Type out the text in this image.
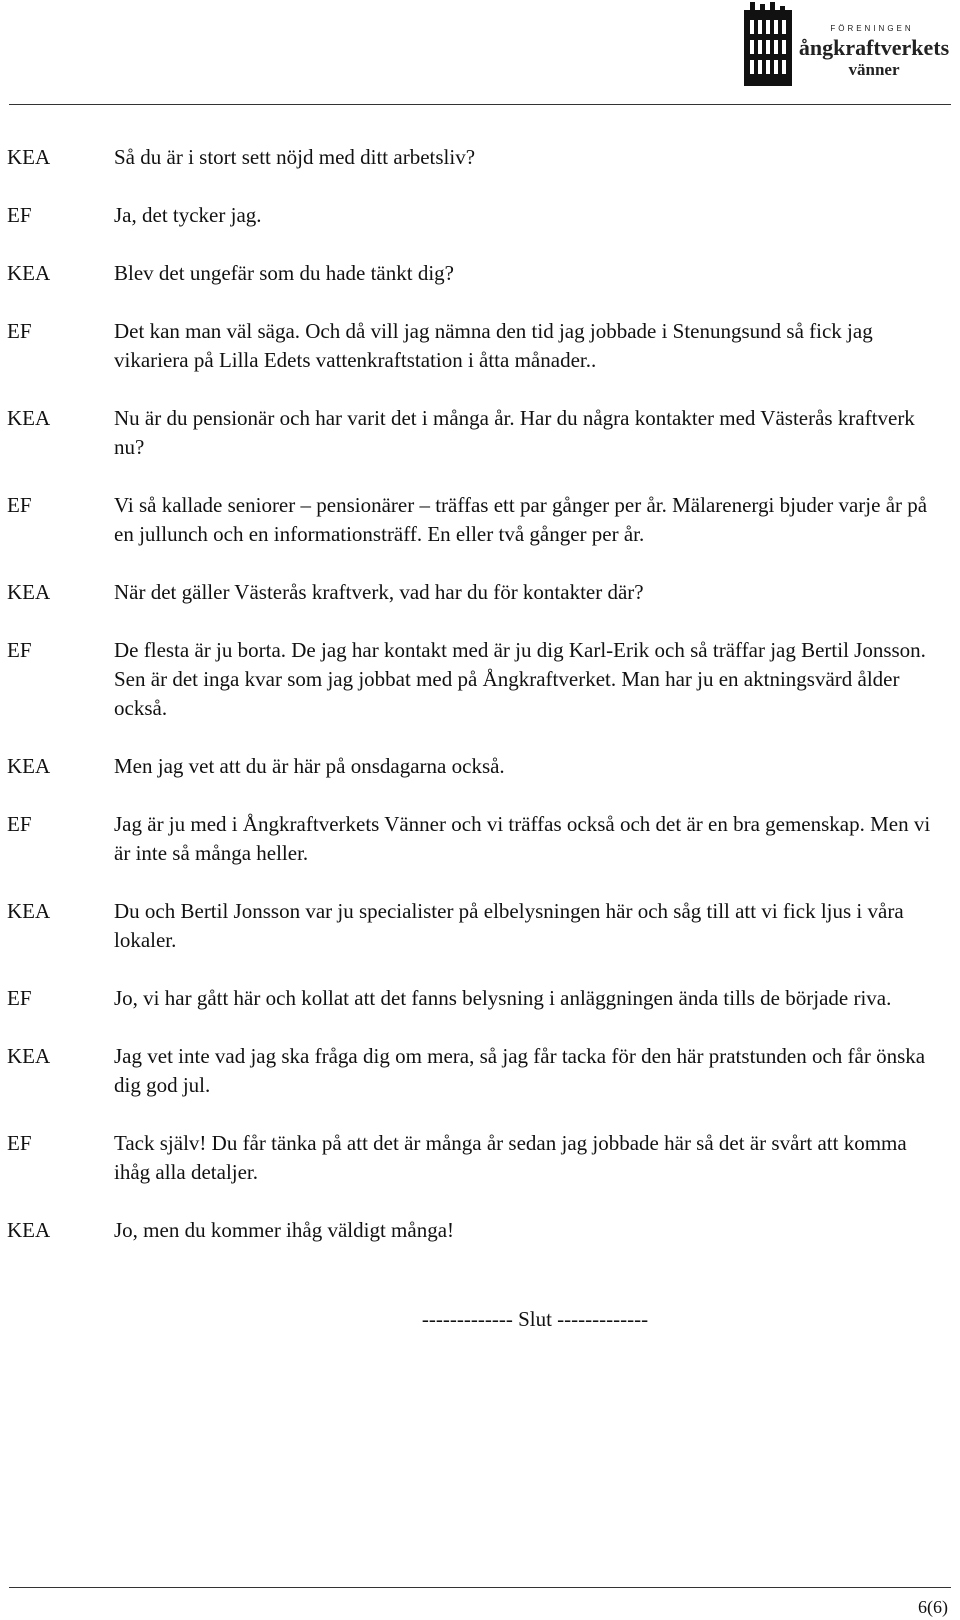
FÖRENINGEN
ångkraftverkets
vänner
KEA	Så du är i stort sett nöjd med ditt arbetsliv?
EF	Ja, det tycker jag.
KEA	Blev det ungefär som du hade tänkt dig?
EF	Det kan man väl säga. Och då vill jag nämna den tid jag jobbade i Stenungsund så fick jag vikariera på Lilla Edets vattenkraftstation i åtta månader..
KEA	Nu är du pensionär och har varit det i många år. Har du några kontakter med Västerås kraftverk nu?
EF	Vi så kallade seniorer – pensionärer – träffas ett par gånger per år. Mälarenergi bjuder varje år på en jullunch och en informationsträff. En eller två gånger per år.
KEA	När det gäller Västerås kraftverk, vad har du för kontakter där?
EF	De flesta är ju borta. De jag har kontakt med är ju dig Karl-Erik och så träffar jag Bertil Jonsson. Sen är det inga kvar som jag jobbat med på Ångkraftverket. Man har ju en aktningsvärd ålder också.
KEA	Men jag vet att du är här på onsdagarna också.
EF	Jag är ju med i Ångkraftverkets Vänner och vi träffas också och det är en bra gemenskap. Men vi är inte så många heller.
KEA	Du och Bertil Jonsson var ju specialister på elbelysningen här och såg till att vi fick ljus i våra lokaler.
EF	Jo, vi har gått här och kollat att det fanns belysning i anläggningen ända tills de började riva.
KEA	Jag vet inte vad jag ska fråga dig om mera, så jag får tacka för den här pratstunden och får önska dig god jul.
EF	Tack själv! Du får tänka på att det är många år sedan jag jobbade här så det är svårt att komma ihåg alla detaljer.
KEA	Jo, men du kommer ihåg väldigt många!
------------- Slut -------------
6(6)
